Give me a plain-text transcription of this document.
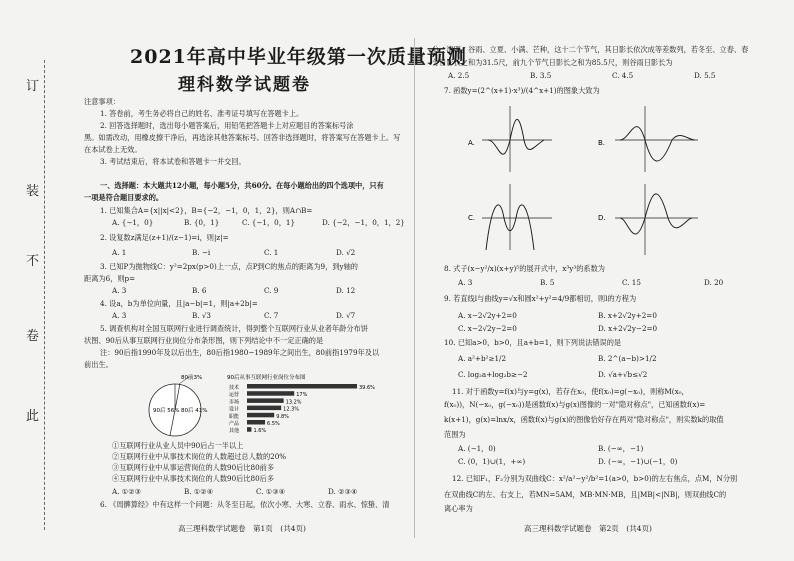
此
卷
不
装
订
2021年高中毕业年级第一次质量预测
理科数学试题卷
注意事项：
1. 答卷前，考生务必将自己的姓名、准考证号填写在答题卡上。
2. 回答选择题时，选出每小题答案后，用铅笔把答题卡上对应题目的答案标号涂
黑。如需改动，用橡皮擦干净后，再选涂其他答案标号。回答非选择题时，将答案写在答题卡上。写
在本试卷上无效。
3. 考试结束后，将本试卷和答题卡一并交回。
一、选择题：本大题共12小题，每小题5分，共60分。在每小题给出的四个选项中，只有
一项是符合题目要求的。
1. 已知集合A={x||x|<2}，B={−2，−1，0，1，2}，则A∩B=
A. {−1，0}	B. {0，1}	C. {−1，0，1}	D. {−2，−1，0，1，2}
2. 设复数z满足(z+1)/(z−1)=i，则|z|=
A. 1	B. −i	C. 1	D. √2
3. 已知P为抛物线C：y²=2px(p>0)上一点，点P到C的焦点的距离为9，到y轴的
距离为6，则p=
A. 3	B. 6	C. 9	D. 12
4. 设a，b为单位向量，且|a−b|=1，则|a+2b|=
A. 3	B. √3	C. 7	D. √7
5. 调查机构对全国互联网行业进行调查统计，得到整个互联网行业从业者年龄分布饼
状图、90后从事互联网行业岗位分布条形图，则下列结论中不一定正确的是
注：90后指1990年及以后出生，80后指1980−1989年之间出生，80前指1979年及以
前出生。
80前3%
90后 56% 80后 41%
90后从事互联网行业岗位分布图
技术	39.6%
运营	17%
市场	13.2%
设计	12.3%
职能	9.8%
产品	6.5%
其他	1.6%
①互联网行业从业人员中90后占一半以上
②互联网行业中从事技术岗位的人数超过总人数的20%
③互联网行业中从事运营岗位的人数90后比80前多
④互联网行业中从事技术岗位的人数90后比80后多
A. ①②③	B. ①②④	C. ①③④	D. ②③④
6. 《周髀算经》中有这样一个问题：从冬至日起，依次小寒、大寒、立春、雨水、惊蛰、清
高三理科数学试题卷　第1页　(共4页)
分、清明、谷雨、立夏、小满、芒种，这十二个节气，其日影长依次成等差数列，若冬至、立春、春
分日影长之和为31.5尺，前九个节气日影长之和为85.5尺，则谷雨日影长为
A. 2.5	B. 3.5	C. 4.5	D. 5.5
7. 函数y=(2^(x+1)·x³)/(4^x+1)的图象大致为
A.	B.
C.	D.
8. 式子(x−y²/x)(x+y)⁵的展开式中，x³y³的系数为
A. 3	B. 5	C. 15	D. 20
9. 若直线l与曲线y=√x和圆x²+y²=4/9都相切，则l的方程为
A. x−2√2y+2=0	B. x+2√2y+2=0
C. x−2√2y−2=0	D. x+2√2y−2=0
10. 已知a>0，b>0，且a+b=1，则下列说法错误的是
A. a²+b²≥1/2	B. 2^(a−b)>1/2
C. log₂a+log₂b≥−2	D. √a+√b≤√2
11. 对于函数y=f(x)与y=g(x)，若存在x₀，使f(x₀)=g(−x₀)，则称M(x₀，
f(x₀))，N(−x₀，g(−x₀))是函数f(x)与g(x)图像的一对"隐对称点"，已知函数f(x)=
k(x+1)，g(x)=lnx/x，函数f(x)与g(x)的图像恰好存在两对"隐对称点"，则实数k的取值
范围为
A. (−1，0)	B. (−∞，−1)
C. (0，1)∪(1，+∞)	D. (−∞，−1)∪(−1，0)
12. 已知F₁，F₂分别为双曲线C：x²/a²−y²/b²=1(a>0，b>0)的左右焦点，点M，N分别
在双曲线C的左、右支上，若MN=5AM，MB·MN·MB，且|MB|<|NB|，则双曲线C的
离心率为
高三理科数学试题卷　第2页　(共4页)
